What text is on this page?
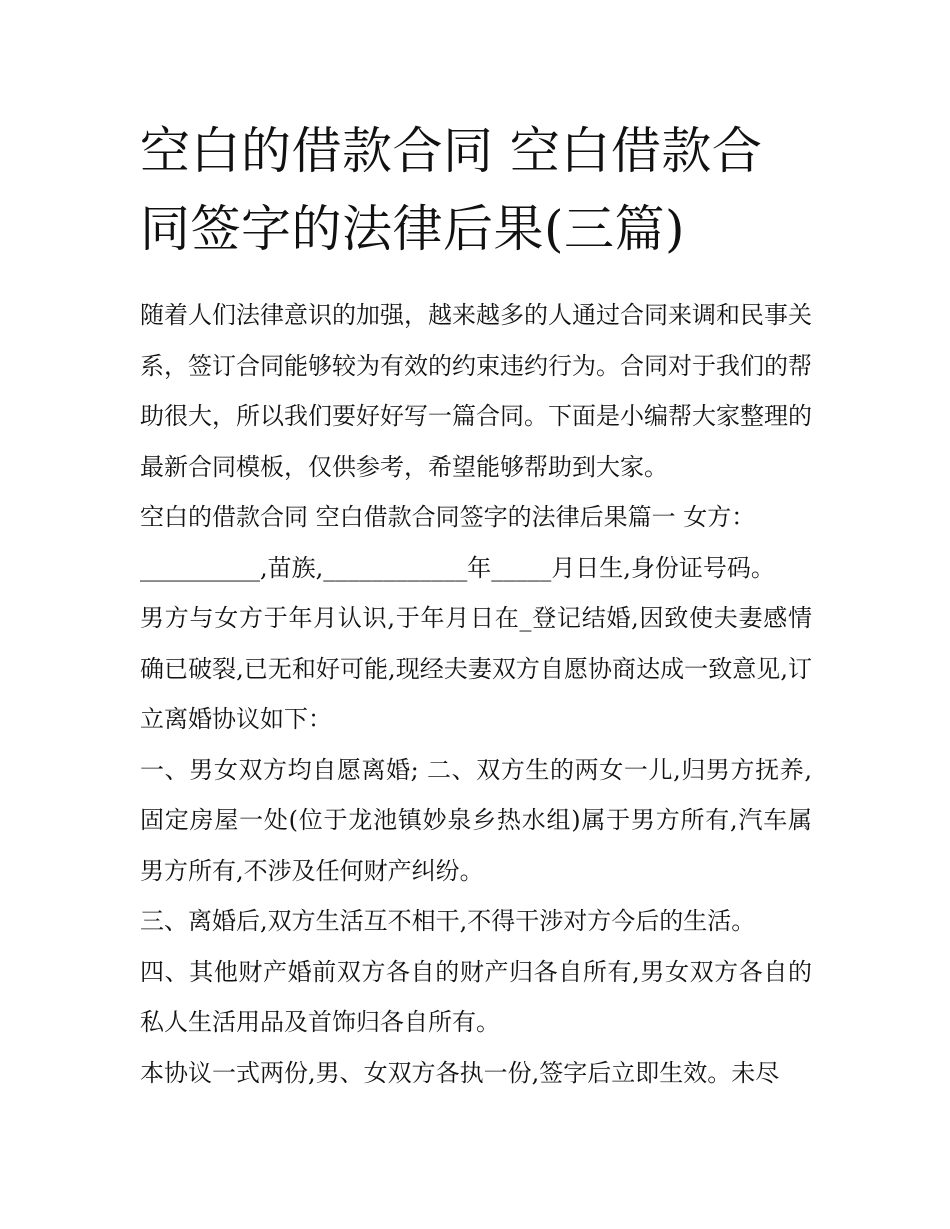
空白的借款合同 空白借款合同签字的法律后果(三篇)

随着人们法律意识的加强，越来越多的人通过合同来调和民事关系，签订合同能够较为有效的约束违约行为。合同对于我们的帮助很大，所以我们要好好写一篇合同。下面是小编帮大家整理的最新合同模板，仅供参考，希望能够帮助到大家。

空白的借款合同 空白借款合同签字的法律后果篇一 女方：

__________,苗族,____________年_____月日生,身份证号码。

男方与女方于年月认识,于年月日在_登记结婚,因致使夫妻感情确已破裂,已无和好可能,现经夫妻双方自愿协商达成一致意见,订立离婚协议如下：

一、男女双方均自愿离婚; 二、双方生的两女一儿,归男方抚养,固定房屋一处(位于龙池镇妙泉乡热水组)属于男方所有,汽车属男方所有,不涉及任何财产纠纷。

三、离婚后,双方生活互不相干,不得干涉对方今后的生活。

四、其他财产婚前双方各自的财产归各自所有,男女双方各自的私人生活用品及首饰归各自所有。

本协议一式两份,男、女双方各执一份,签字后立即生效。未尽
